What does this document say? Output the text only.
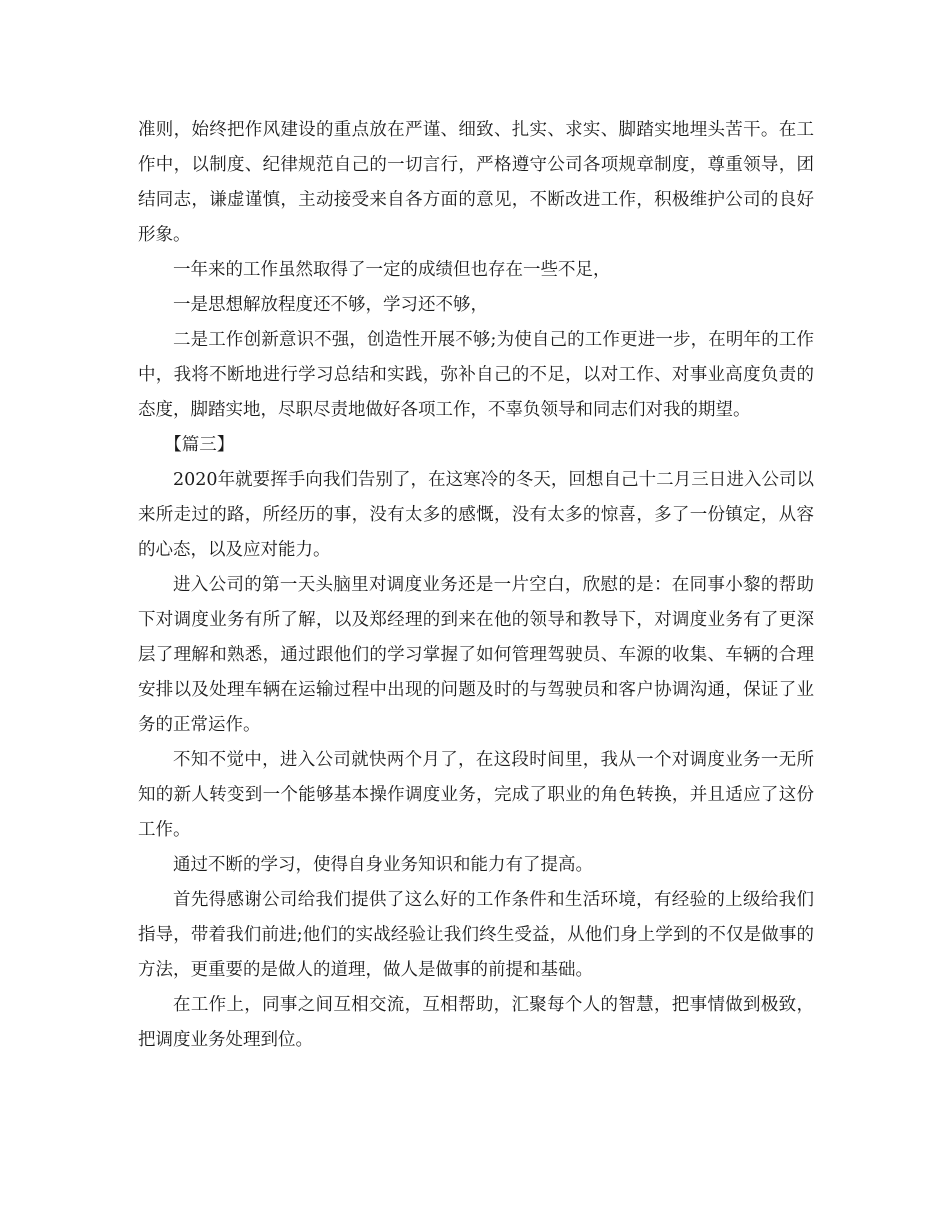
准则，始终把作风建设的重点放在严谨、细致、扎实、求实、脚踏实地埋头苦干。在工作中，以制度、纪律规范自己的一切言行，严格遵守公司各项规章制度，尊重领导，团结同志，谦虚谨慎，主动接受来自各方面的意见，不断改进工作，积极维护公司的良好形象。

一年来的工作虽然取得了一定的成绩但也存在一些不足，

一是思想解放程度还不够，学习还不够，

二是工作创新意识不强，创造性开展不够;为使自己的工作更进一步，在明年的工作中，我将不断地进行学习总结和实践，弥补自己的不足，以对工作、对事业高度负责的态度，脚踏实地，尽职尽责地做好各项工作，不辜负领导和同志们对我的期望。

【篇三】

2020年就要挥手向我们告别了，在这寒冷的冬天，回想自己十二月三日进入公司以来所走过的路，所经历的事，没有太多的感慨，没有太多的惊喜，多了一份镇定，从容的心态，以及应对能力。

进入公司的第一天头脑里对调度业务还是一片空白，欣慰的是：在同事小黎的帮助下对调度业务有所了解，以及郑经理的到来在他的领导和教导下，对调度业务有了更深层了理解和熟悉，通过跟他们的学习掌握了如何管理驾驶员、车源的收集、车辆的合理安排以及处理车辆在运输过程中出现的问题及时的与驾驶员和客户协调沟通，保证了业务的正常运作。

不知不觉中，进入公司就快两个月了，在这段时间里，我从一个对调度业务一无所知的新人转变到一个能够基本操作调度业务，完成了职业的角色转换，并且适应了这份工作。

通过不断的学习，使得自身业务知识和能力有了提高。

首先得感谢公司给我们提供了这么好的工作条件和生活环境，有经验的上级给我们指导，带着我们前进;他们的实战经验让我们终生受益，从他们身上学到的不仅是做事的方法，更重要的是做人的道理，做人是做事的前提和基础。

在工作上，同事之间互相交流，互相帮助，汇聚每个人的智慧，把事情做到极致，把调度业务处理到位。
